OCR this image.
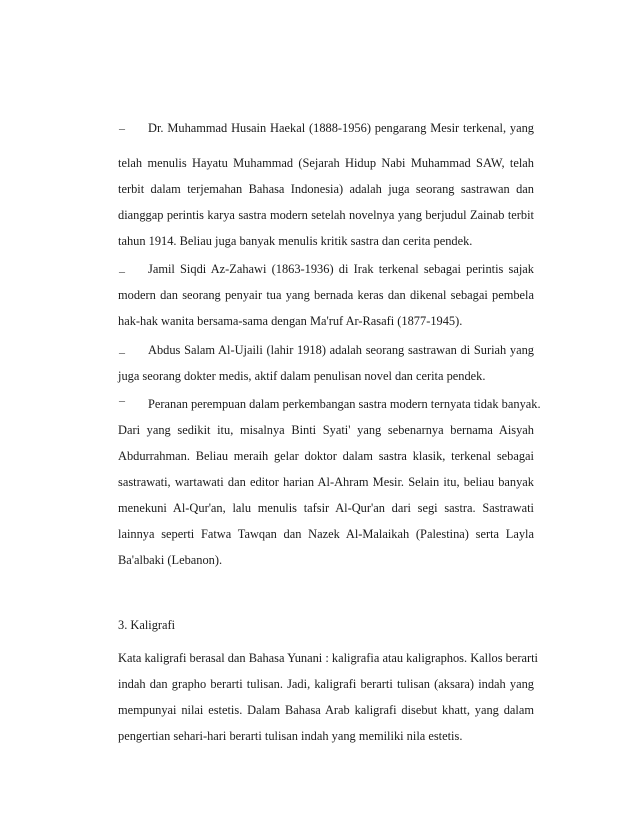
– Dr. Muhammad Husain Haekal (1888-1956) pengarang Mesir terkenal, yang
telah menulis Hayatu Muhammad (Sejarah Hidup Nabi Muhammad SAW, telah
terbit dalam terjemahan Bahasa Indonesia) adalah juga seorang sastrawan dan
dianggap perintis karya sastra modern setelah novelnya yang berjudul Zainab terbit
tahun 1914. Beliau juga banyak menulis kritik sastra dan cerita pendek.
– Jamil Siqdi Az-Zahawi (1863-1936) di Irak terkenal sebagai perintis sajak
modern dan seorang penyair tua yang bernada keras dan dikenal sebagai pembela
hak-hak wanita bersama-sama dengan Ma'ruf Ar-Rasafi (1877-1945).
– Abdus Salam Al-Ujaili (lahir 1918) adalah seorang sastrawan di Suriah yang
juga seorang dokter medis, aktif dalam penulisan novel dan cerita pendek.
– Peranan perempuan dalam perkembangan sastra modern ternyata tidak banyak.
Dari yang sedikit itu, misalnya Binti Syati' yang sebenarnya bernama Aisyah
Abdurrahman. Beliau meraih gelar doktor dalam sastra klasik, terkenal sebagai
sastrawati, wartawati dan editor harian Al-Ahram Mesir. Selain itu, beliau banyak
menekuni Al-Qur'an, lalu menulis tafsir Al-Qur'an dari segi sastra. Sastrawati
lainnya seperti Fatwa Tawqan dan Nazek Al-Malaikah (Palestina) serta Layla
Ba'albaki (Lebanon).
3. Kaligrafi
Kata kaligrafi berasal dan Bahasa Yunani : kaligrafia atau kaligraphos. Kallos berarti
indah dan grapho berarti tulisan. Jadi, kaligrafi berarti tulisan (aksara) indah yang
mempunyai nilai estetis. Dalam Bahasa Arab kaligrafi disebut khatt, yang dalam
pengertian sehari-hari berarti tulisan indah yang memiliki nila estetis.
